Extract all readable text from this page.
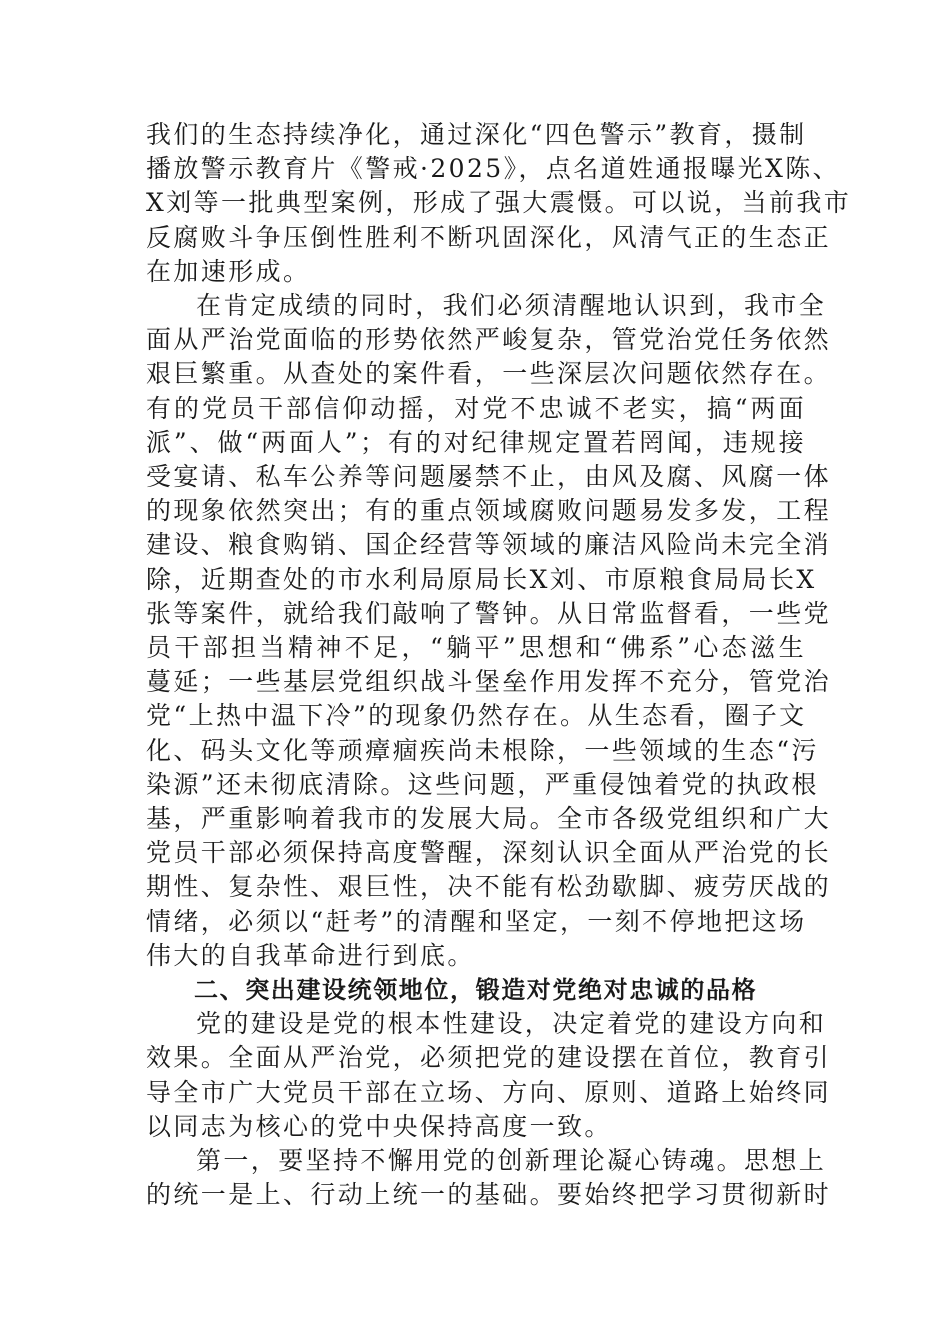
我们的生态持续净化，通过深化“四色警示”教育，摄制
播放警示教育片《警戒·2025》，点名道姓通报曝光X陈、
X刘等一批典型案例，形成了强大震慑。可以说，当前我市
反腐败斗争压倒性胜利不断巩固深化，风清气正的生态正
在加速形成。
在肯定成绩的同时，我们必须清醒地认识到，我市全
面从严治党面临的形势依然严峻复杂，管党治党任务依然
艰巨繁重。从查处的案件看，一些深层次问题依然存在。
有的党员干部信仰动摇，对党不忠诚不老实，搞“两面
派”、做“两面人”；有的对纪律规定置若罔闻，违规接
受宴请、私车公养等问题屡禁不止，由风及腐、风腐一体
的现象依然突出；有的重点领域腐败问题易发多发，工程
建设、粮食购销、国企经营等领域的廉洁风险尚未完全消
除，近期查处的市水利局原局长X刘、市原粮食局局长X
张等案件，就给我们敲响了警钟。从日常监督看，一些党
员干部担当精神不足，“躺平”思想和“佛系”心态滋生
蔓延；一些基层党组织战斗堡垒作用发挥不充分，管党治
党“上热中温下冷”的现象仍然存在。从生态看，圈子文
化、码头文化等顽瘴痼疾尚未根除，一些领域的生态“污
染源”还未彻底清除。这些问题，严重侵蚀着党的执政根
基，严重影响着我市的发展大局。全市各级党组织和广大
党员干部必须保持高度警醒，深刻认识全面从严治党的长
期性、复杂性、艰巨性，决不能有松劲歇脚、疲劳厌战的
情绪，必须以“赶考”的清醒和坚定，一刻不停地把这场
伟大的自我革命进行到底。
二、突出建设统领地位，锻造对党绝对忠诚的品格
党的建设是党的根本性建设，决定着党的建设方向和
效果。全面从严治党，必须把党的建设摆在首位，教育引
导全市广大党员干部在立场、方向、原则、道路上始终同
以同志为核心的党中央保持高度一致。
第一，要坚持不懈用党的创新理论凝心铸魂。思想上
的统一是上、行动上统一的基础。要始终把学习贯彻新时
